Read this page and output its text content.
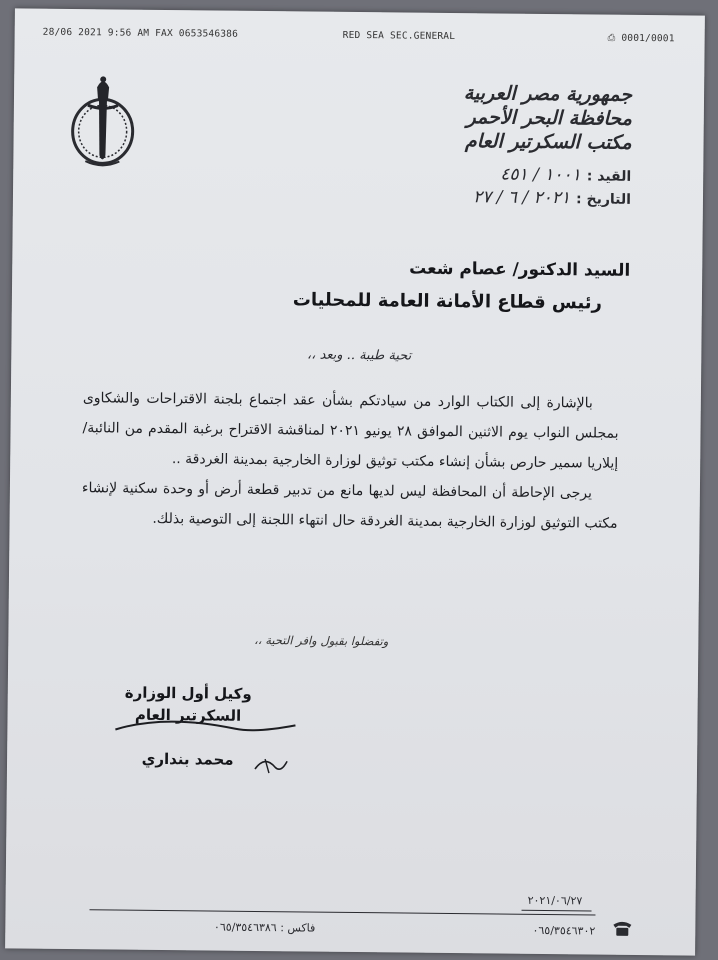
28/06 2021 9:56 AM FAX 0653546386	RED SEA SEC.GENERAL	⎙ 0001/0001
جمهورية مصر العربية
محافظة البحر الأحمر
مكتب السكرتير العام
القيد :١٠٠١ / ٤٥١
التاريخ :٢٠٢١ / ٦ / ٢٧
السيد الدكتور/ عصام شعت
رئيس قطاع الأمانة العامة للمحليات
تحية طيبة .. وبعد ،،

بالإشارة إلى الكتاب الوارد من سيادتكم بشأن عقد اجتماع بلجنة الاقتراحات والشكاوى بمجلس النواب يوم الاثنين الموافق ٢٨ يونيو ٢٠٢١ لمناقشة الاقتراح برغبة المقدم من النائبة/ إيلاريا سمير حارص بشأن إنشاء مكتب توثيق لوزارة الخارجية بمدينة الغردقة ..

يرجى الإحاطة أن المحافظة ليس لديها مانع من تدبير قطعة أرض أو وحدة سكنية لإنشاء مكتب التوثيق لوزارة الخارجية بمدينة الغردقة حال انتهاء اللجنة إلى التوصية بذلك.

وتفضلوا بقبول وافر التحية ،،
وكيل أول الوزارة
السكرتير العام
محمد بنداري
٢٠٢١/٠٦/٢٧
٠٦٥/٣٥٤٦٣٠٢
فاكس : ٠٦٥/٣٥٤٦٣٨٦
